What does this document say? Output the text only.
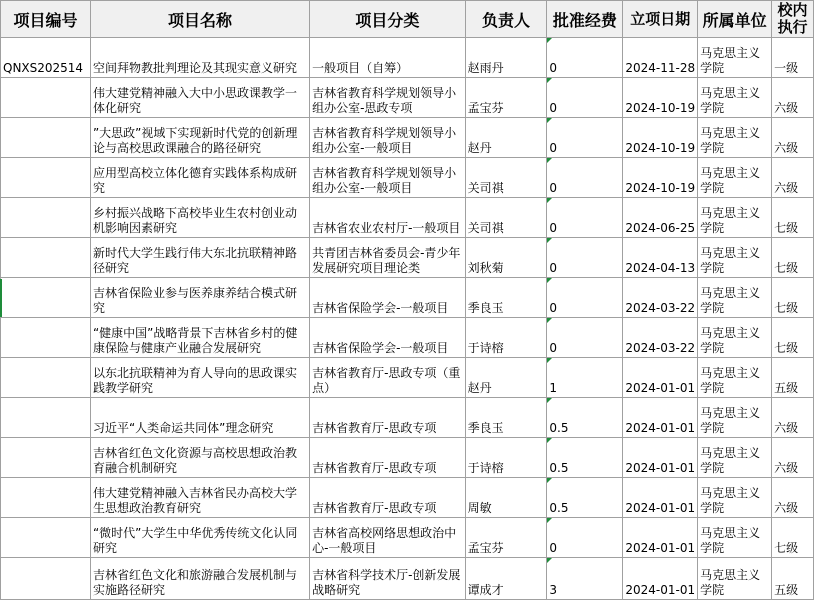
项目编号	项目名称	项目分类	负责人	批准经费	立项日期	所属单位	校内执行
QNXS202514	空间拜物教批判理论及其现实意义研究	一般项目（自筹）	赵雨丹	0	2024-11-28	马克思主义学院	一级
	伟大建党精神融入大中小思政课教学一体化研究	吉林省教育科学规划领导小组办公室-思政专项	孟宝芬	0	2024-10-19	马克思主义学院	六级
	”大思政”视域下实现新时代党的创新理论与高校思政课融合的路径研究	吉林省教育科学规划领导小组办公室-一般项目	赵丹	0	2024-10-19	马克思主义学院	六级
	应用型高校立体化德育实践体系构成研究	吉林省教育科学规划领导小组办公室-一般项目	关司祺	0	2024-10-19	马克思主义学院	六级
	乡村振兴战略下高校毕业生农村创业动机影响因素研究	吉林省农业农村厅-一般项目	关司祺	0	2024-06-25	马克思主义学院	七级
	新时代大学生践行伟大东北抗联精神路径研究	共青团吉林省委员会-青少年发展研究项目理论类	刘秋菊	0	2024-04-13	马克思主义学院	七级
	吉林省保险业参与医养康养结合模式研究	吉林省保险学会-一般项目	季良玉	0	2024-03-22	马克思主义学院	七级
	“健康中国”战略背景下吉林省乡村的健康保险与健康产业融合发展研究	吉林省保险学会-一般项目	于诗榕	0	2024-03-22	马克思主义学院	七级
	以东北抗联精神为育人导向的思政课实践教学研究	吉林省教育厅-思政专项（重点）	赵丹	1	2024-01-01	马克思主义学院	五级
	习近平“人类命运共同体”理念研究	吉林省教育厅-思政专项	季良玉	0.5	2024-01-01	马克思主义学院	六级
	吉林省红色文化资源与高校思想政治教育融合机制研究	吉林省教育厅-思政专项	于诗榕	0.5	2024-01-01	马克思主义学院	六级
	伟大建党精神融入吉林省民办高校大学生思想政治教育研究	吉林省教育厅-思政专项	周敏	0.5	2024-01-01	马克思主义学院	六级
	“微时代”大学生中华优秀传统文化认同研究	吉林省高校网络思想政治中心-一般项目	孟宝芬	0	2024-01-01	马克思主义学院	七级
	吉林省红色文化和旅游融合发展机制与实施路径研究	吉林省科学技术厅-创新发展战略研究	谭成才	3	2024-01-01	马克思主义学院	五级
